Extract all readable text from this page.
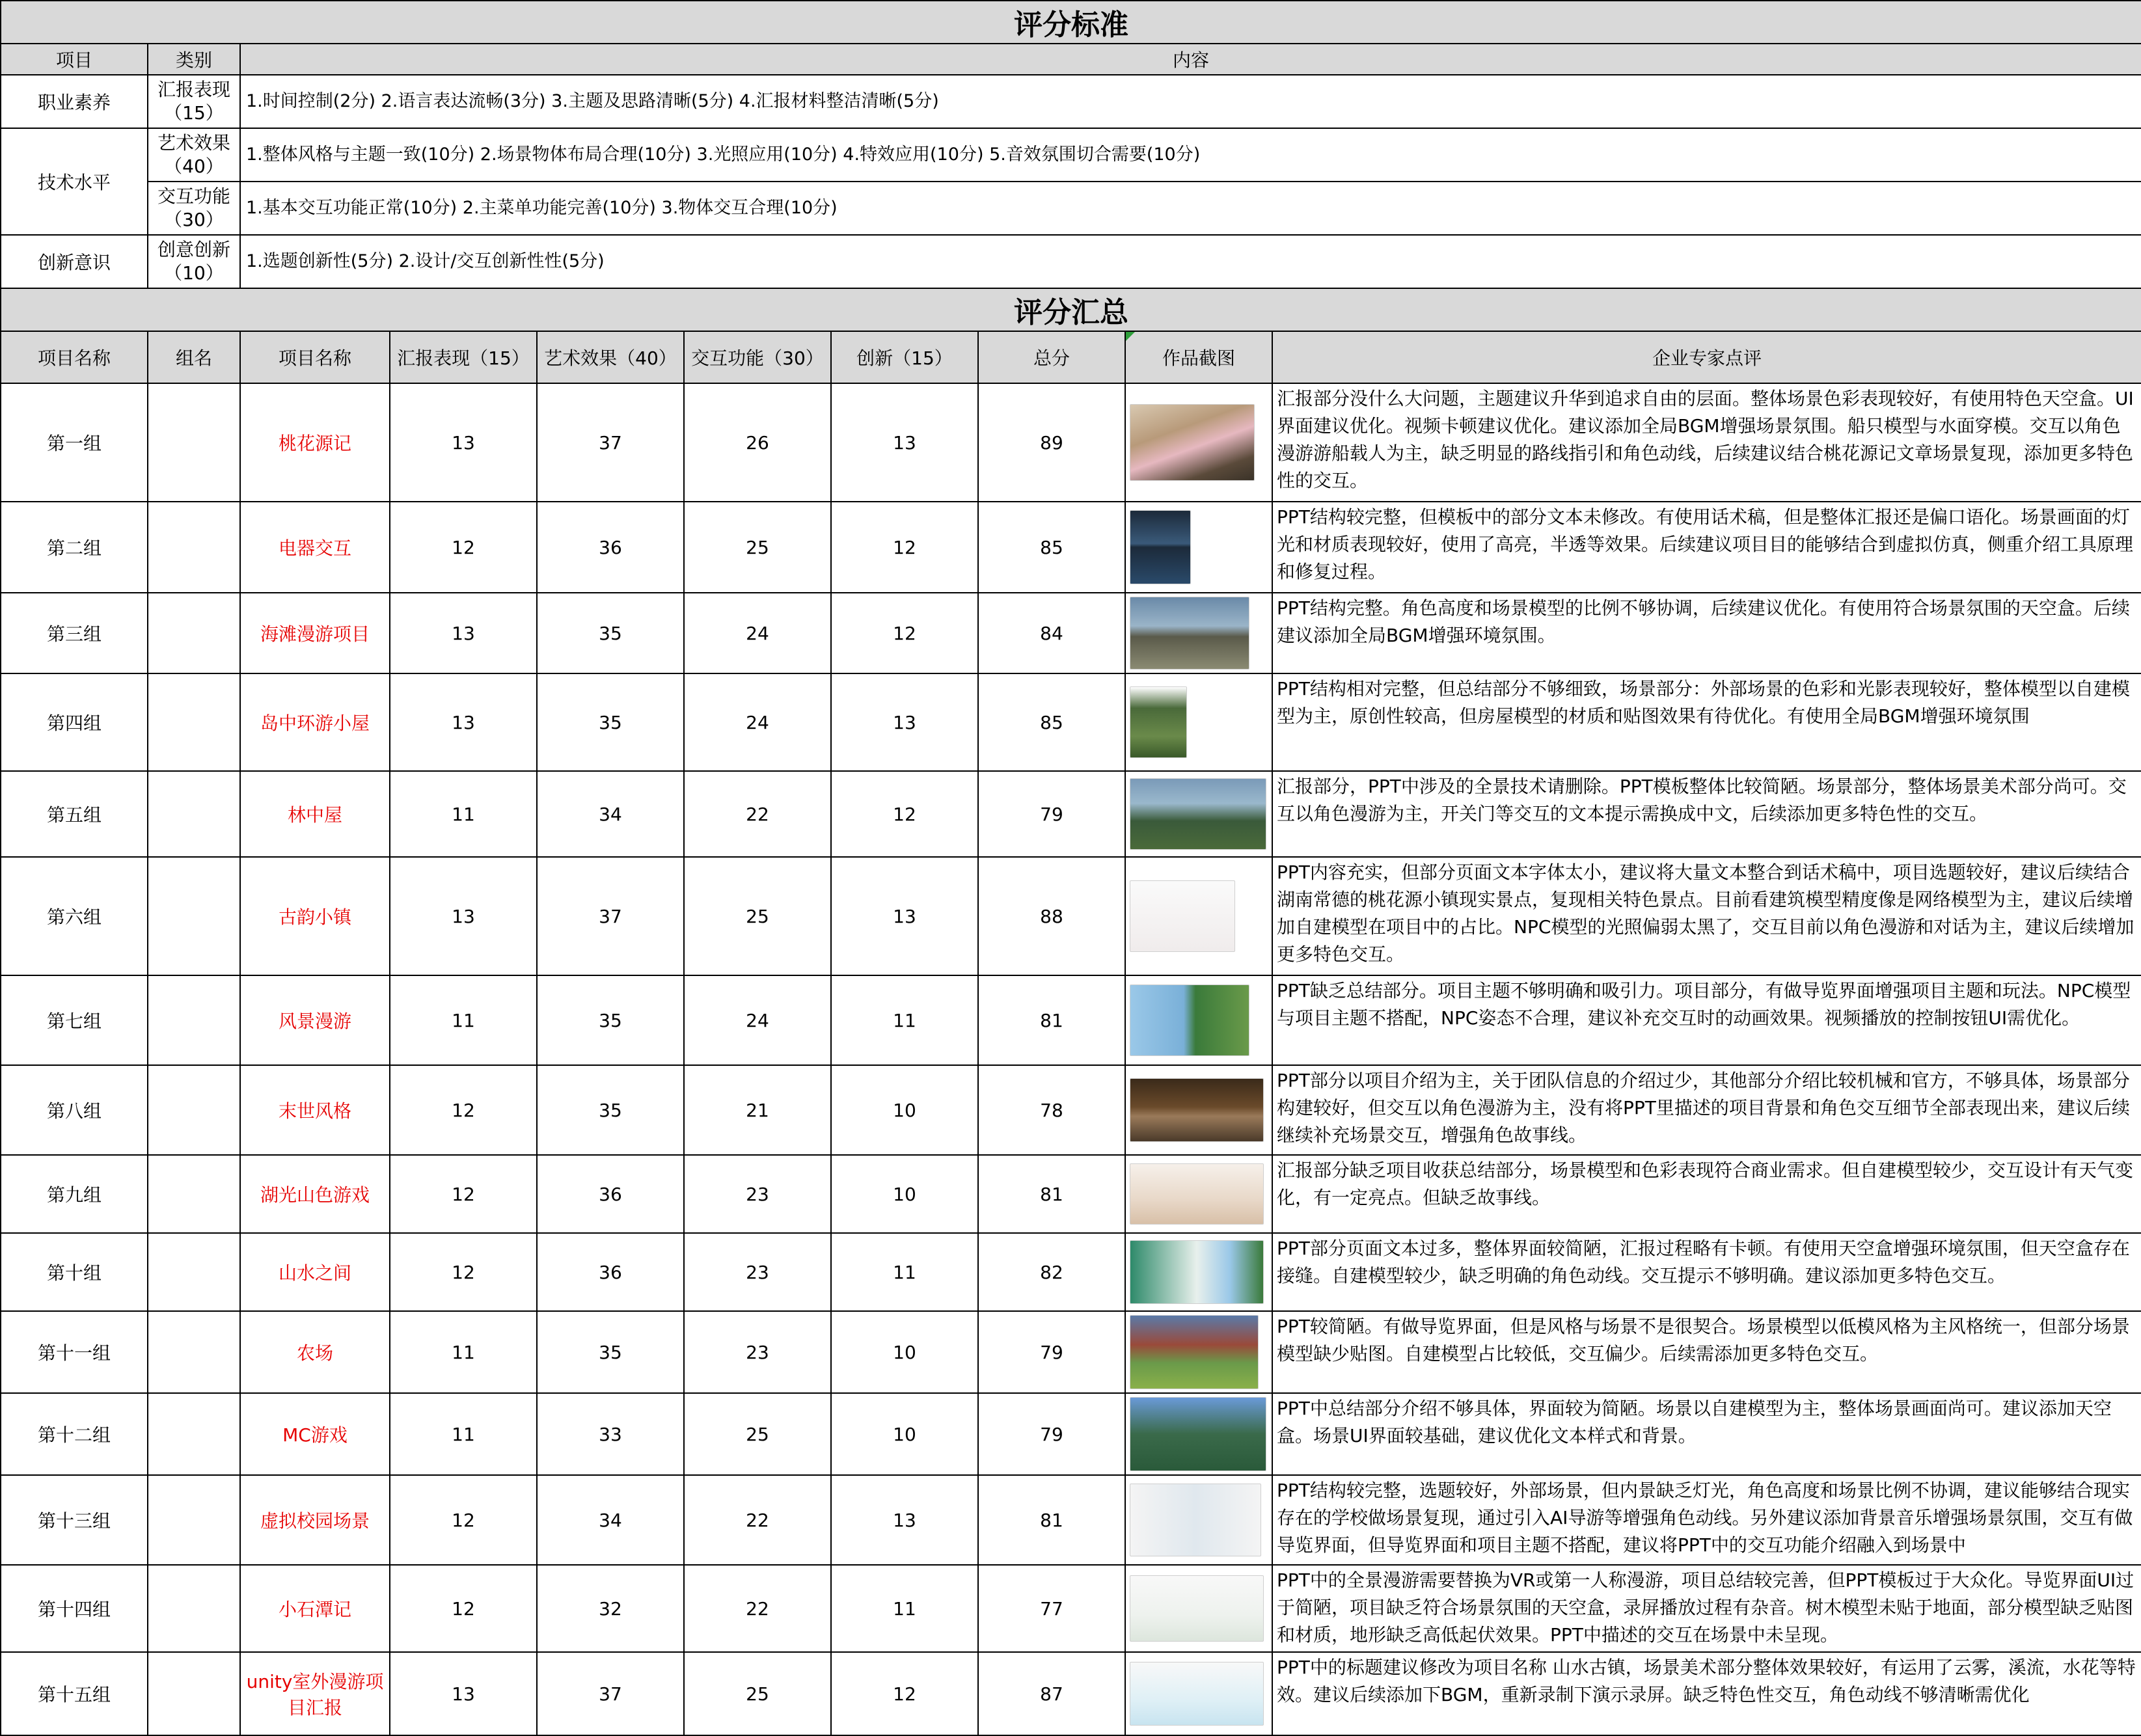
评分标准									
项目	类别	内容							
职业素养	汇报表现（15）	1.时间控制(2分) 2.语言表达流畅(3分) 3.主题及思路清晰(5分) 4.汇报材料整洁清晰(5分)							
技术水平	艺术效果（40）	1.整体风格与主题一致(10分) 2.场景物体布局合理(10分) 3.光照应用(10分) 4.特效应用(10分) 5.音效氛围切合需要(10分)							
	交互功能（30）	1.基本交互功能正常(10分) 2.主菜单功能完善(10分) 3.物体交互合理(10分)							
创新意识	创意创新（10）	1.选题创新性(5分) 2.设计/交互创新性性(5分)							
评分汇总									
项目名称	组名	项目名称	汇报表现（15）	艺术效果（40）	交互功能（30）	创新（15）	总分	作品截图	企业专家点评
第一组		桃花源记	13	37	26	13	89		汇报部分没什么大问题，主题建议升华到追求自由的层面。整体场景色彩表现较好，有使用特色天空盒。UI界面建议优化。视频卡顿建议优化。建议添加全局BGM增强场景氛围。船只模型与水面穿模。交互以角色漫游游船载人为主，缺乏明显的路线指引和角色动线，后续建议结合桃花源记文章场景复现，添加更多特色性的交互。
第二组		电器交互	12	36	25	12	85		PPT结构较完整，但模板中的部分文本未修改。有使用话术稿，但是整体汇报还是偏口语化。场景画面的灯光和材质表现较好，使用了高亮，半透等效果。后续建议项目目的能够结合到虚拟仿真，侧重介绍工具原理和修复过程。
第三组		海滩漫游项目	13	35	24	12	84		PPT结构完整。角色高度和场景模型的比例不够协调，后续建议优化。有使用符合场景氛围的天空盒。后续建议添加全局BGM增强环境氛围。
第四组		岛中环游小屋	13	35	24	13	85		PPT结构相对完整，但总结部分不够细致，场景部分：外部场景的色彩和光影表现较好，整体模型以自建模型为主，原创性较高，但房屋模型的材质和贴图效果有待优化。有使用全局BGM增强环境氛围
第五组		林中屋	11	34	22	12	79		汇报部分，PPT中涉及的全景技术请删除。PPT模板整体比较简陋。场景部分，整体场景美术部分尚可。交互以角色漫游为主，开关门等交互的文本提示需换成中文，后续添加更多特色性的交互。
第六组		古韵小镇	13	37	25	13	88		PPT内容充实，但部分页面文本字体太小，建议将大量文本整合到话术稿中，项目选题较好，建议后续结合湖南常德的桃花源小镇现实景点，复现相关特色景点。目前看建筑模型精度像是网络模型为主，建议后续增加自建模型在项目中的占比。NPC模型的光照偏弱太黑了，交互目前以角色漫游和对话为主，建议后续增加更多特色交互。
第七组		风景漫游	11	35	24	11	81		PPT缺乏总结部分。项目主题不够明确和吸引力。项目部分，有做导览界面增强项目主题和玩法。NPC模型与项目主题不搭配，NPC姿态不合理，建议补充交互时的动画效果。视频播放的控制按钮UI需优化。
第八组		末世风格	12	35	21	10	78		PPT部分以项目介绍为主，关于团队信息的介绍过少，其他部分介绍比较机械和官方，不够具体，场景部分构建较好，但交互以角色漫游为主，没有将PPT里描述的项目背景和角色交互细节全部表现出来，建议后续继续补充场景交互，增强角色故事线。
第九组		湖光山色游戏	12	36	23	10	81		汇报部分缺乏项目收获总结部分，场景模型和色彩表现符合商业需求。但自建模型较少，交互设计有天气变化，有一定亮点。但缺乏故事线。
第十组		山水之间	12	36	23	11	82		PPT部分页面文本过多，整体界面较简陋，汇报过程略有卡顿。有使用天空盒增强环境氛围，但天空盒存在接缝。自建模型较少，缺乏明确的角色动线。交互提示不够明确。建议添加更多特色交互。
第十一组		农场	11	35	23	10	79		PPT较简陋。有做导览界面，但是风格与场景不是很契合。场景模型以低模风格为主风格统一，但部分场景模型缺少贴图。自建模型占比较低，交互偏少。后续需添加更多特色交互。
第十二组		MC游戏	11	33	25	10	79		PPT中总结部分介绍不够具体，界面较为简陋。场景以自建模型为主，整体场景画面尚可。建议添加天空盒。场景UI界面较基础，建议优化文本样式和背景。
第十三组		虚拟校园场景	12	34	22	13	81		PPT结构较完整，选题较好，外部场景，但内景缺乏灯光，角色高度和场景比例不协调，建议能够结合现实存在的学校做场景复现，通过引入AI导游等增强角色动线。另外建议添加背景音乐增强场景氛围，交互有做导览界面，但导览界面和项目主题不搭配，建议将PPT中的交互功能介绍融入到场景中
第十四组		小石潭记	12	32	22	11	77		PPT中的全景漫游需要替换为VR或第一人称漫游，项目总结较完善，但PPT模板过于大众化。导览界面UI过于简陋，项目缺乏符合场景氛围的天空盒，录屏播放过程有杂音。树木模型未贴于地面，部分模型缺乏贴图和材质，地形缺乏高低起伏效果。PPT中描述的交互在场景中未呈现。
第十五组		unity室外漫游项目汇报	13	37	25	12	87		PPT中的标题建议修改为项目名称 山水古镇，场景美术部分整体效果较好，有运用了云雾，溪流，水花等特效。建议后续添加下BGM，重新录制下演示录屏。缺乏特色性交互，角色动线不够清晰需优化
